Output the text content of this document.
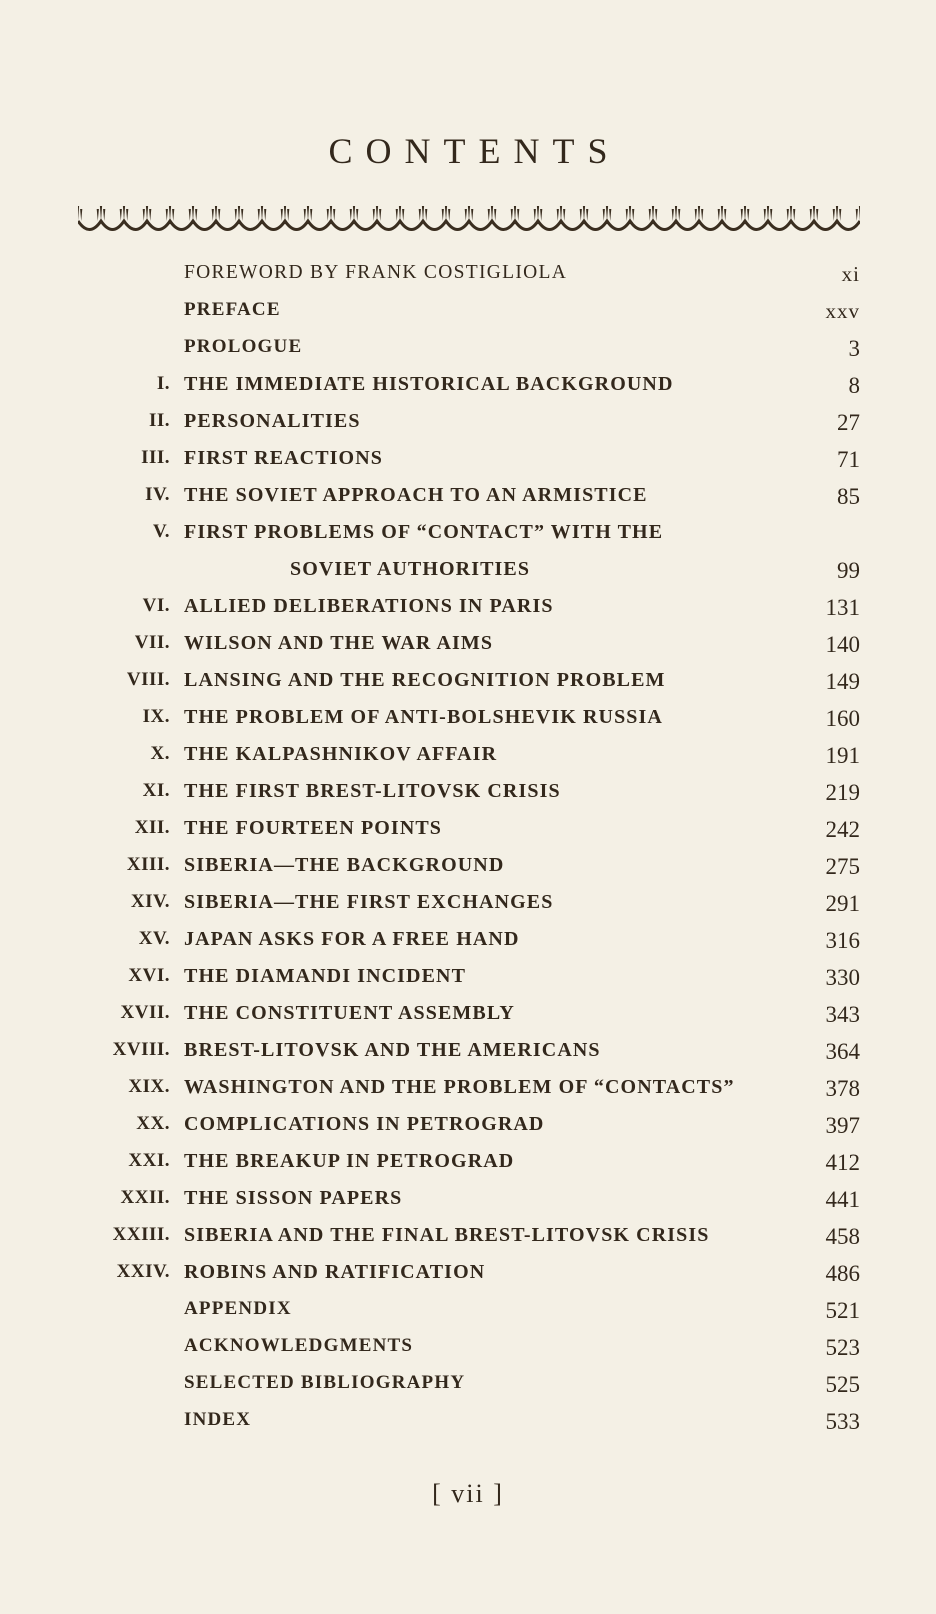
CONTENTS
FOREWORD BY FRANK COSTIGLIOLA	xi
PREFACE	xxv
PROLOGUE	3
I. THE IMMEDIATE HISTORICAL BACKGROUND	8
II. PERSONALITIES	27
III. FIRST REACTIONS	71
IV. THE SOVIET APPROACH TO AN ARMISTICE	85
V. FIRST PROBLEMS OF “CONTACT” WITH THE
SOVIET AUTHORITIES	99
VI. ALLIED DELIBERATIONS IN PARIS	131
VII. WILSON AND THE WAR AIMS	140
VIII. LANSING AND THE RECOGNITION PROBLEM	149
IX. THE PROBLEM OF ANTI-BOLSHEVIK RUSSIA	160
X. THE KALPASHNIKOV AFFAIR	191
XI. THE FIRST BREST-LITOVSK CRISIS	219
XII. THE FOURTEEN POINTS	242
XIII. SIBERIA—THE BACKGROUND	275
XIV. SIBERIA—THE FIRST EXCHANGES	291
XV. JAPAN ASKS FOR A FREE HAND	316
XVI. THE DIAMANDI INCIDENT	330
XVII. THE CONSTITUENT ASSEMBLY	343
XVIII. BREST-LITOVSK AND THE AMERICANS	364
XIX. WASHINGTON AND THE PROBLEM OF “CONTACTS”	378
XX. COMPLICATIONS IN PETROGRAD	397
XXI. THE BREAKUP IN PETROGRAD	412
XXII. THE SISSON PAPERS	441
XXIII. SIBERIA AND THE FINAL BREST-LITOVSK CRISIS	458
XXIV. ROBINS AND RATIFICATION	486
APPENDIX	521
ACKNOWLEDGMENTS	523
SELECTED BIBLIOGRAPHY	525
INDEX	533
[ vii ]
